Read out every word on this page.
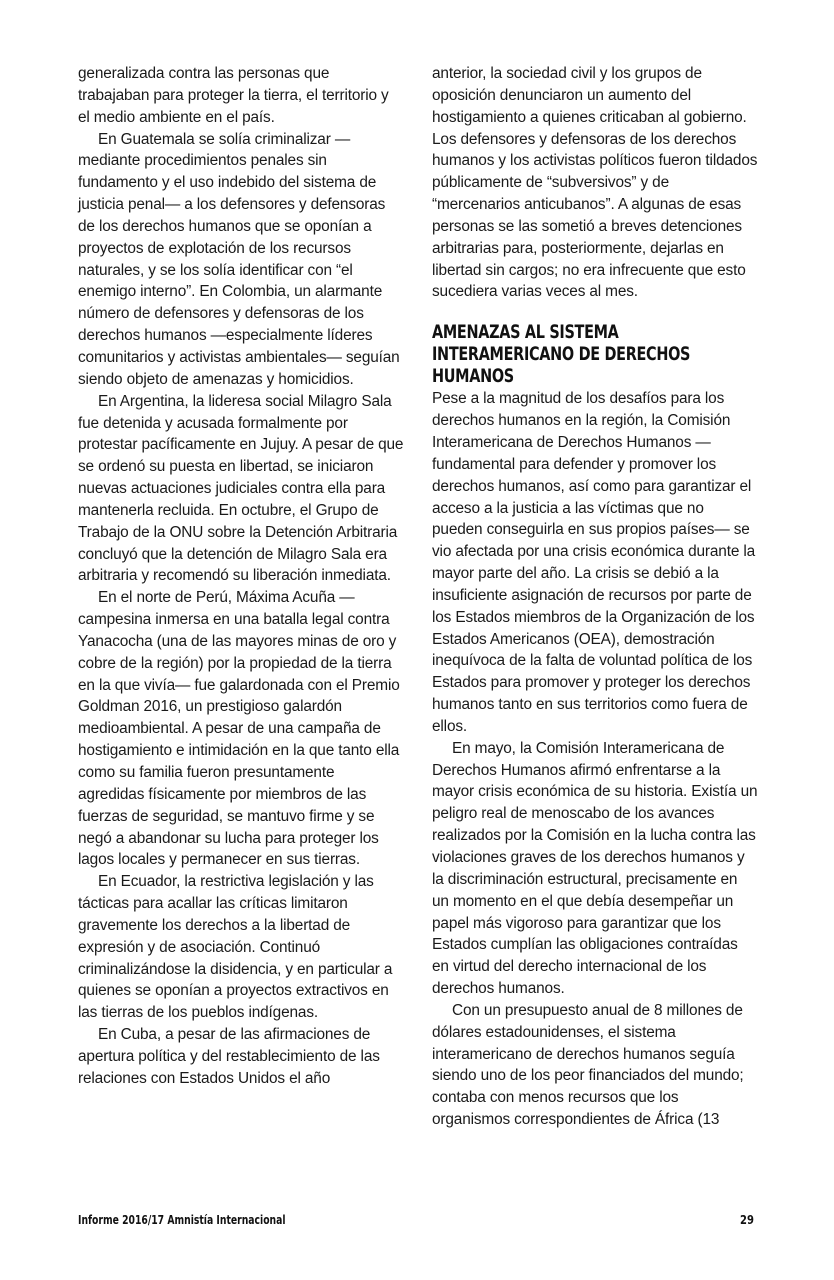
generalizada contra las personas que trabajaban para proteger la tierra, el territorio y el medio ambiente en el país.

En Guatemala se solía criminalizar —mediante procedimientos penales sin fundamento y el uso indebido del sistema de justicia penal— a los defensores y defensoras de los derechos humanos que se oponían a proyectos de explotación de los recursos naturales, y se los solía identificar con “el enemigo interno”. En Colombia, un alarmante número de defensores y defensoras de los derechos humanos —especialmente líderes comunitarios y activistas ambientales— seguían siendo objeto de amenazas y homicidios.

En Argentina, la lideresa social Milagro Sala fue detenida y acusada formalmente por protestar pacíficamente en Jujuy. A pesar de que se ordenó su puesta en libertad, se iniciaron nuevas actuaciones judiciales contra ella para mantenerla recluida. En octubre, el Grupo de Trabajo de la ONU sobre la Detención Arbitraria concluyó que la detención de Milagro Sala era arbitraria y recomendó su liberación inmediata.

En el norte de Perú, Máxima Acuña —campesina inmersa en una batalla legal contra Yanacocha (una de las mayores minas de oro y cobre de la región) por la propiedad de la tierra en la que vivía— fue galardonada con el Premio Goldman 2016, un prestigioso galardón medioambiental. A pesar de una campaña de hostigamiento e intimidación en la que tanto ella como su familia fueron presuntamente agredidas físicamente por miembros de las fuerzas de seguridad, se mantuvo firme y se negó a abandonar su lucha para proteger los lagos locales y permanecer en sus tierras.

En Ecuador, la restrictiva legislación y las tácticas para acallar las críticas limitaron gravemente los derechos a la libertad de expresión y de asociación. Continuó criminalizándose la disidencia, y en particular a quienes se oponían a proyectos extractivos en las tierras de los pueblos indígenas.

En Cuba, a pesar de las afirmaciones de apertura política y del restablecimiento de las relaciones con Estados Unidos el año

anterior, la sociedad civil y los grupos de oposición denunciaron un aumento del hostigamiento a quienes criticaban al gobierno. Los defensores y defensoras de los derechos humanos y los activistas políticos fueron tildados públicamente de “subversivos” y de “mercenarios anticubanos”. A algunas de esas personas se las sometió a breves detenciones arbitrarias para, posteriormente, dejarlas en libertad sin cargos; no era infrecuente que esto sucediera varias veces al mes.

AMENAZAS AL SISTEMA INTERAMERICANO DE DERECHOS HUMANOS

Pese a la magnitud de los desafíos para los derechos humanos en la región, la Comisión Interamericana de Derechos Humanos —fundamental para defender y promover los derechos humanos, así como para garantizar el acceso a la justicia a las víctimas que no pueden conseguirla en sus propios países— se vio afectada por una crisis económica durante la mayor parte del año. La crisis se debió a la insuficiente asignación de recursos por parte de los Estados miembros de la Organización de los Estados Americanos (OEA), demostración inequívoca de la falta de voluntad política de los Estados para promover y proteger los derechos humanos tanto en sus territorios como fuera de ellos.

En mayo, la Comisión Interamericana de Derechos Humanos afirmó enfrentarse a la mayor crisis económica de su historia. Existía un peligro real de menoscabo de los avances realizados por la Comisión en la lucha contra las violaciones graves de los derechos humanos y la discriminación estructural, precisamente en un momento en el que debía desempeñar un papel más vigoroso para garantizar que los Estados cumplían las obligaciones contraídas en virtud del derecho internacional de los derechos humanos.

Con un presupuesto anual de 8 millones de dólares estadounidenses, el sistema interamericano de derechos humanos seguía siendo uno de los peor financiados del mundo; contaba con menos recursos que los organismos correspondientes de África (13

Informe 2016/17 Amnistía Internacional	29
